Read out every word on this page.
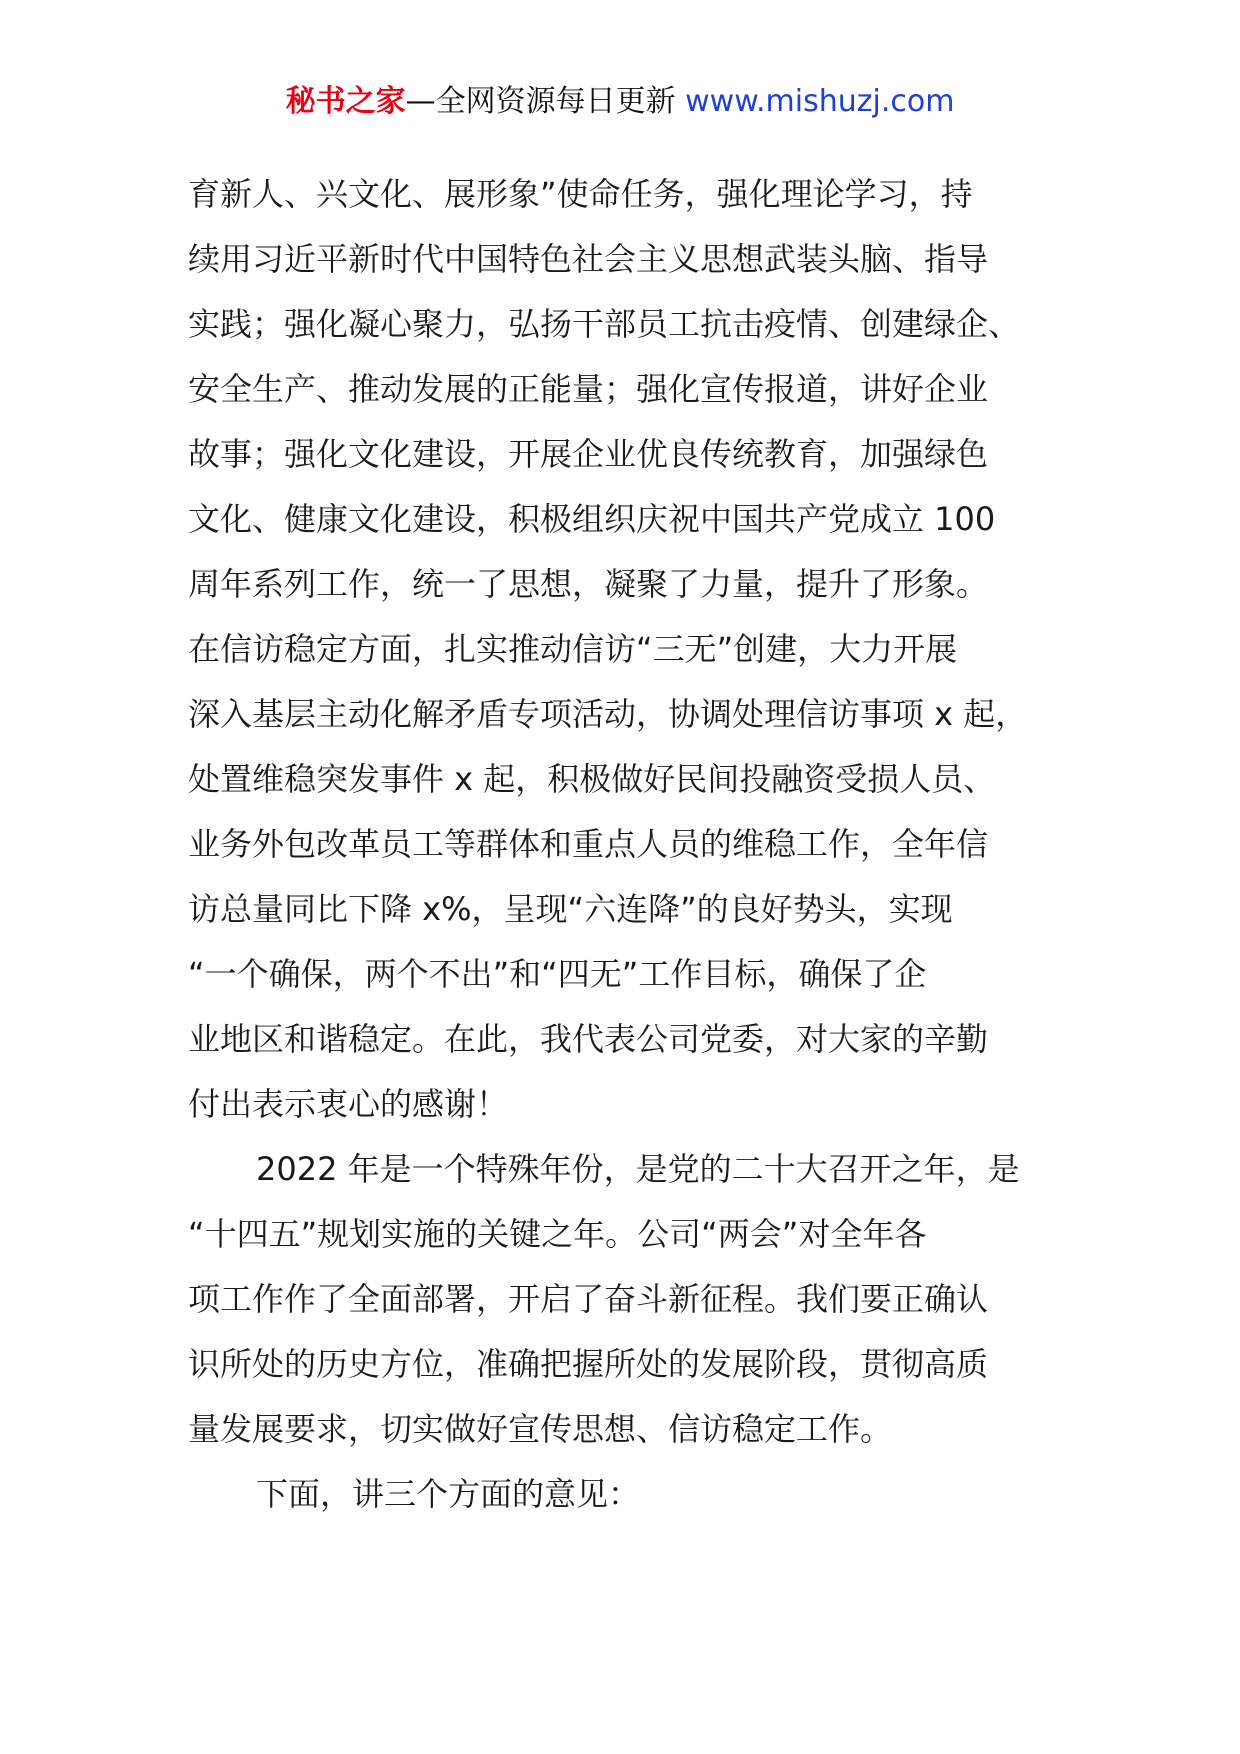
秘书之家—全网资源每日更新 www.mishuzj.com
育新人、兴文化、展形象”使命任务，强化理论学习，持
续用习近平新时代中国特色社会主义思想武装头脑、指导
实践；强化凝心聚力，弘扬干部员工抗击疫情、创建绿企、
安全生产、推动发展的正能量；强化宣传报道，讲好企业
故事；强化文化建设，开展企业优良传统教育，加强绿色
文化、健康文化建设，积极组织庆祝中国共产党成立 100
周年系列工作，统一了思想，凝聚了力量，提升了形象。
在信访稳定方面，扎实推动信访“三无”创建，大力开展
深入基层主动化解矛盾专项活动，协调处理信访事项 x 起，
处置维稳突发事件 x 起，积极做好民间投融资受损人员、
业务外包改革员工等群体和重点人员的维稳工作，全年信
访总量同比下降 x%，呈现“六连降”的良好势头，实现
“一个确保，两个不出”和“四无”工作目标，确保了企
业地区和谐稳定。在此，我代表公司党委，对大家的辛勤
付出表示衷心的感谢！
2022 年是一个特殊年份，是党的二十大召开之年，是
“十四五”规划实施的关键之年。公司“两会”对全年各
项工作作了全面部署，开启了奋斗新征程。我们要正确认
识所处的历史方位，准确把握所处的发展阶段，贯彻高质
量发展要求，切实做好宣传思想、信访稳定工作。
下面，讲三个方面的意见：
